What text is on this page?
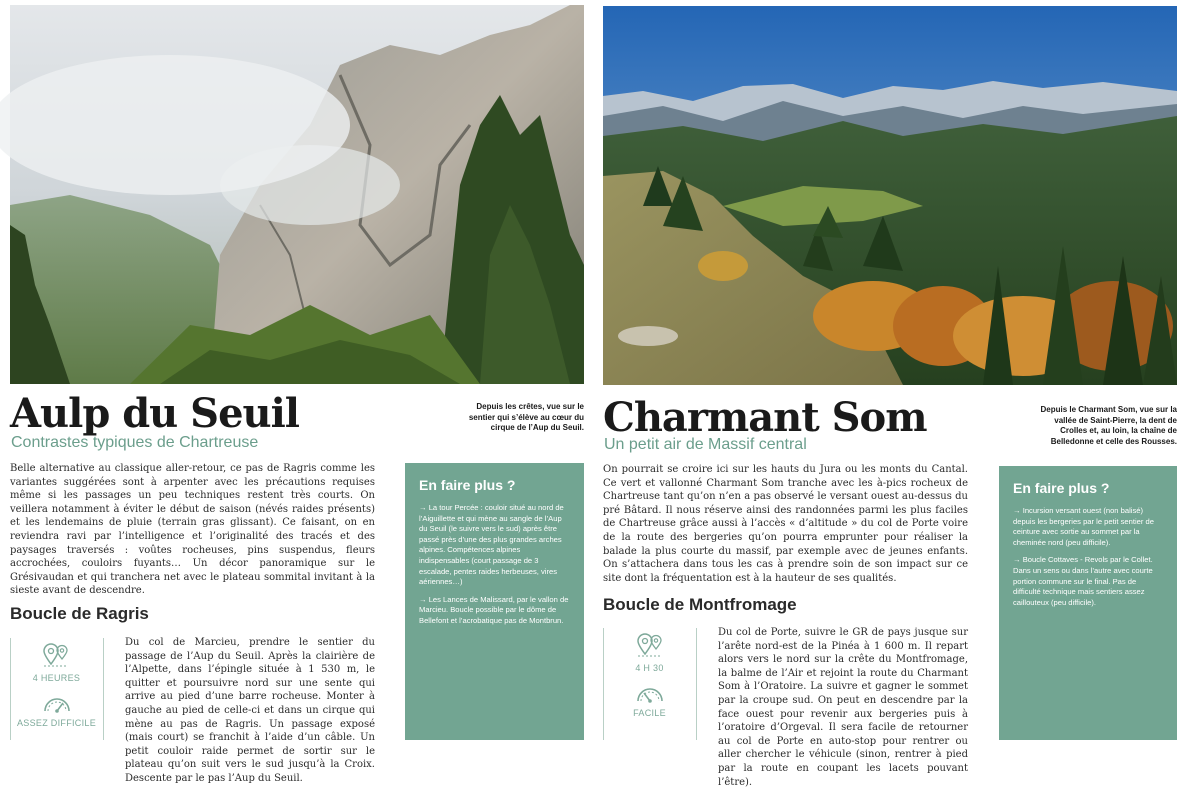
Aulp du Seuil
Contrastes typiques de Chartreuse
Depuis les crêtes, vue sur le sentier qui s’élève au cœur du cirque de l’Aup du Seuil.
Belle alternative au classique aller-retour, ce pas de Ragris comme les variantes suggérées sont à arpenter avec les précautions requises même si les passages un peu techniques restent très courts. On veillera notamment à éviter le début de saison (névés raides présents) et les lendemains de pluie (terrain gras glissant). Ce faisant, on en reviendra ravi par l’intelligence et l’originalité des tracés et des paysages traversés : voûtes rocheuses, pins suspendus, fleurs accrochées, couloirs fuyants… Un décor panoramique sur le Grésivaudan et qui tranchera net avec le plateau sommital invitant à la sieste avant de descendre.
Boucle de Ragris
4 HEURES
ASSEZ DIFFICILE
Du col de Marcieu, prendre le sentier du passage de l’Aup du Seuil. Après la clairière de l’Alpette, dans l’épingle située à 1 530 m, le quitter et poursuivre nord sur une sente qui arrive au pied d’une barre rocheuse. Monter à gauche au pied de celle-ci et dans un cirque qui mène au pas de Ragris. Un passage exposé (mais court) se franchit à l’aide d’un câble. Un petit couloir raide permet de sortir sur le plateau qu’on suit vers le sud jusqu’à la Croix. Descente par le pas l’Aup du Seuil.
En faire plus ?

→ La tour Percée : couloir situé au nord de l’Aiguillette et qui mène au sangle de l’Aup du Seuil (le suivre vers le sud) après être passé près d’une des plus grandes arches alpines. Compétences alpines indispensables (court passage de 3 escalade, pentes raides herbeuses, vires aériennes…)

→ Les Lances de Malissard, par le vallon de Marcieu. Boucle possible par le dôme de Bellefont et l’acrobatique pas de Montbrun.

Charmant Som
Un petit air de Massif central
Depuis le Charmant Som, vue sur la vallée de Saint-Pierre, la dent de Crolles et, au loin, la chaîne de Belledonne et celle des Rousses.
On pourrait se croire ici sur les hauts du Jura ou les monts du Cantal. Ce vert et vallonné Charmant Som tranche avec les à-pics rocheux de Chartreuse tant qu’on n’en a pas observé le versant ouest au-dessus du pré Bâtard. Il nous réserve ainsi des randonnées parmi les plus faciles de Chartreuse grâce aussi à l’accès « d’altitude » du col de Porte voire de la route des bergeries qu’on pourra emprunter pour réaliser la balade la plus courte du massif, par exemple avec de jeunes enfants. On s’attachera dans tous les cas à prendre soin de son impact sur ce site dont la fréquentation est à la hauteur de ses qualités.
Boucle de Montfromage
4 H 30
FACILE
Du col de Porte, suivre le GR de pays jusque sur l’arête nord-est de la Pinéa à 1 600 m. Il repart alors vers le nord sur la crête du Montfromage, la balme de l’Air et rejoint la route du Charmant Som à l’Oratoire. La suivre et gagner le sommet par la croupe sud. On peut en descendre par la face ouest pour revenir aux bergeries puis à l’oratoire d’Orgeval. Il sera facile de retourner au col de Porte en auto-stop pour rentrer ou aller chercher le véhicule (sinon, rentrer à pied par la route en coupant les lacets pouvant l’être).
En faire plus ?

→ Incursion versant ouest (non balisé) depuis les bergeries par le petit sentier de ceinture avec sortie au sommet par la cheminée nord (peu difficile).

→ Boucle Cottaves - Revols par le Collet. Dans un sens ou dans l’autre avec courte portion commune sur le final. Pas de difficulté technique mais sentiers assez caillouteux (peu difficile).
